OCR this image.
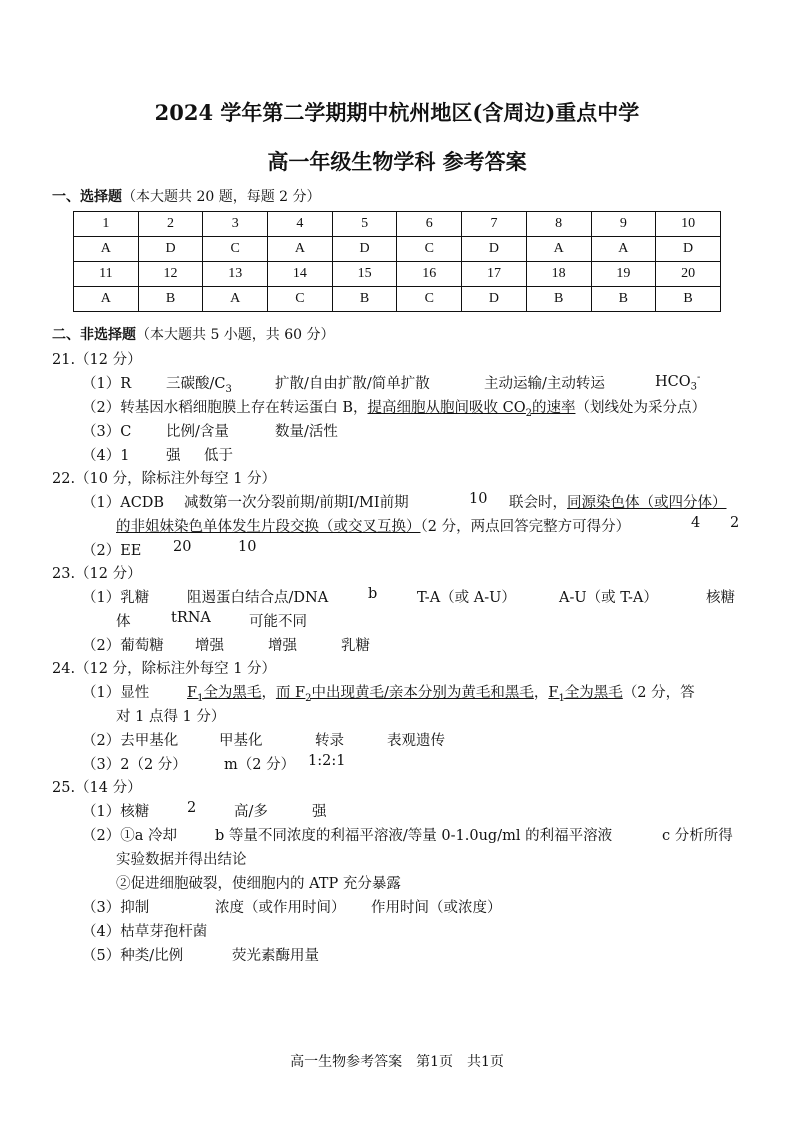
2024 学年第二学期期中杭州地区(含周边)重点中学
高一年级生物学科 参考答案
一、选择题（本大题共 20 题，每题 2 分）
1	2	3	4	5	6	7	8	9	10
A	D	C	A	D	C	D	A	A	D
11	12	13	14	15	16	17	18	19	20
A	B	A	C	B	C	D	B	B	B
二、非选择题（本大题共 5 小题，共 60 分）
21.（12 分）
（1）R 三碳酸$/C_3$	扩散/自由扩散/简单扩散	主动运输/主动转运	$HCO_3^-$
（2）转基因水稻细胞膜上存在转运蛋白 B，提高细胞从胞间吸收 $CO_2$的速率（划线处为采分点）
（3）C 比例/含量	数量/活性
（4）1	强 低于
22.（10 分，除标注外每空 1 分）
（1）ACDB 减数第一次分裂前期/前期Ⅰ/MⅠ前期	10 联会时，同源染色体（或四分体）
的非姐妹染色单体发生片段交换（或交叉互换）（2 分，两点回答完整方可得分）	4 2
（2）EE 20	10
23.（12 分）
（1）乳糖	阻遏蛋白结合点/DNA	b	T-A（或 A-U）	A-U（或 T-A）	核糖
体	tRNA	可能不同
（2）葡萄糖 增强	增强	乳糖
24.（12 分，除标注外每空 1 分）
（1）显性	$F_1$全为黑毛，而 $F_2$中出现黄毛/亲本分别为黄毛和黑毛，$F_1$全为黑毛（2 分，答
对 1 点得 1 分）
（2）去甲基化	甲基化	转录	表观遗传
（3）2（2 分）	m（2 分） 1:2:1
25.（14 分）
（1）核糖	2	高/多	强
（2）①a 冷却	b 等量不同浓度的利福平溶液/等量 0-1.0ug/ml 的利福平溶液	c 分析所得
实验数据并得出结论
②促进细胞破裂，使细胞内的 ATP 充分暴露
（3）抑制	浓度（或作用时间） 作用时间（或浓度）
（4）枯草芽孢杆菌
（5）种类/比例	荧光素酶用量
高一生物参考答案　第1页　共1页
